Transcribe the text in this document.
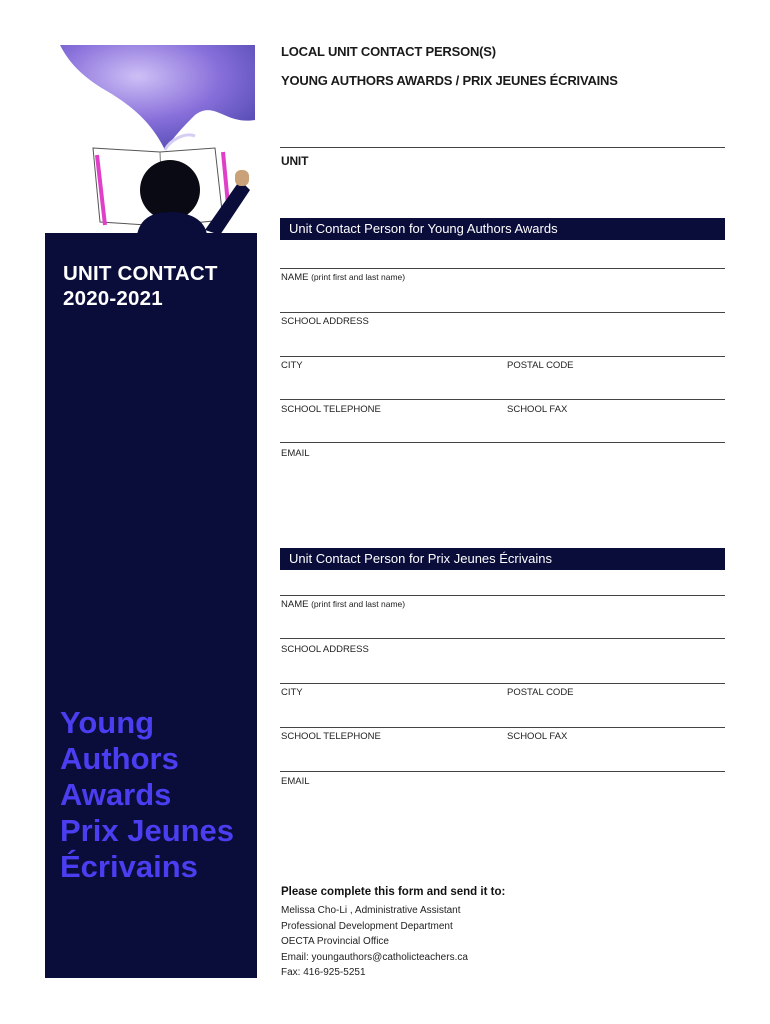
UNIT CONTACT
2020-2021
Young
Authors
Awards
Prix Jeunes
Écrivains
LOCAL UNIT CONTACT PERSON(S)
YOUNG AUTHORS AWARDS / PRIX JEUNES ÉCRIVAINS
UNIT
Unit Contact Person for Young Authors Awards
NAME (print first and last name)
SCHOOL ADDRESS
CITY	POSTAL CODE
SCHOOL TELEPHONE	SCHOOL FAX
EMAIL
Unit Contact Person for Prix Jeunes Écrivains
NAME (print first and last name)
SCHOOL ADDRESS
CITY	POSTAL CODE
SCHOOL TELEPHONE	SCHOOL FAX
EMAIL
Please complete this form and send it to:
Melissa Cho-Li , Administrative Assistant
Professional Development Department
OECTA Provincial Office
Email: youngauthors@catholicteachers.ca
Fax: 416-925-5251
